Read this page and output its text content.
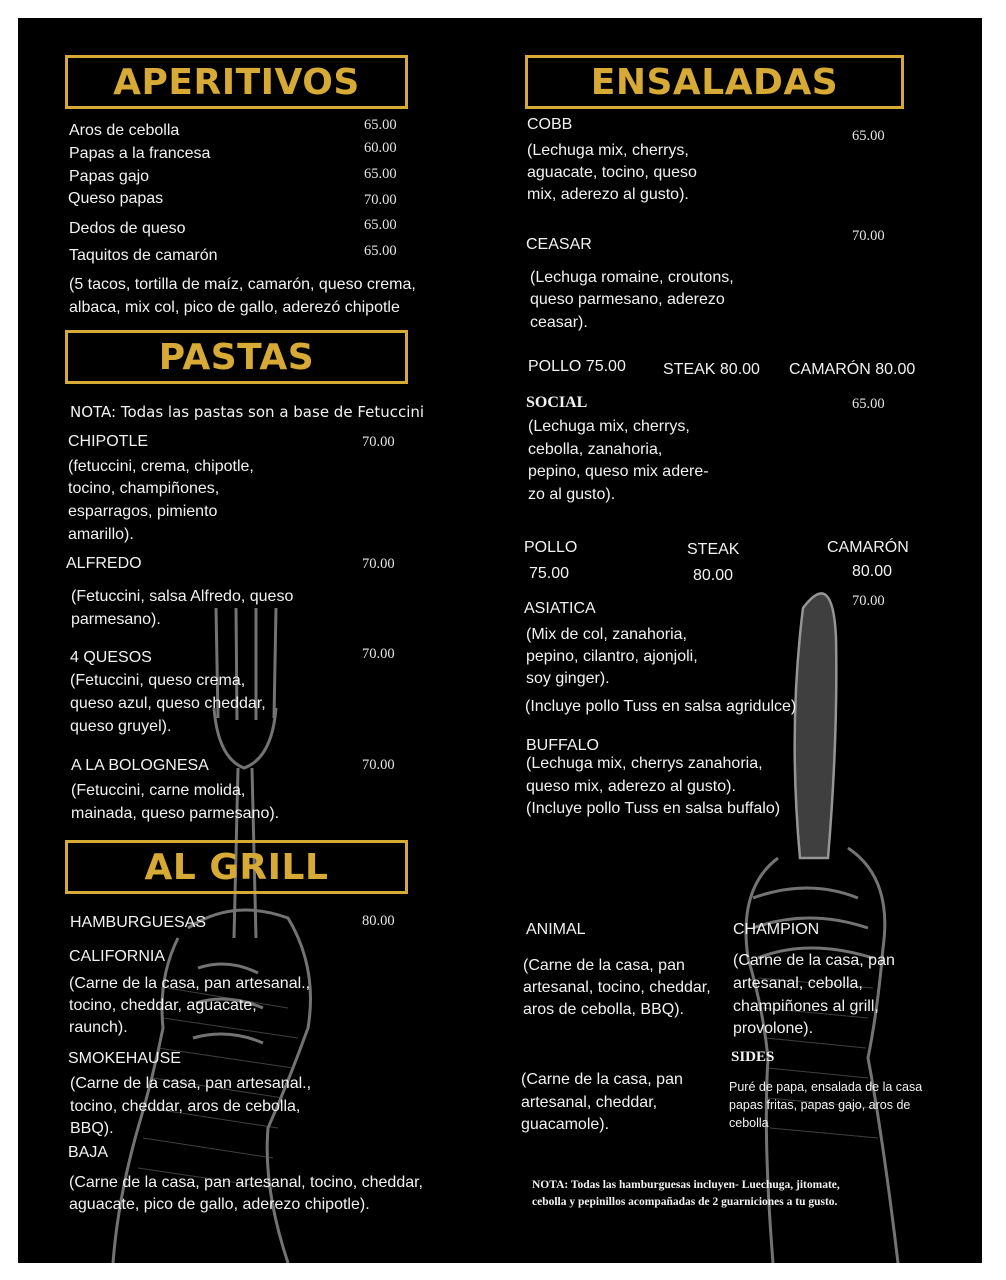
APERITIVOS
Aros de cebolla	65.00
Papas a la francesa	60.00
Papas gajo	65.00
Queso papas	70.00
Dedos de queso	65.00
Taquitos de camarón	65.00
(5 tacos, tortilla de maíz, camarón, queso crema,
albaca, mix col, pico de gallo, aderezó chipotle
PASTAS
NOTA: Todas las pastas son a base de Fetuccini
CHIPOTLE	70.00
(fetuccini, crema, chipotle,
tocino, champiñones,
esparragos, pimiento
amarillo).
ALFREDO	70.00
(Fetuccini, salsa Alfredo, queso
parmesano).
4 QUESOS	70.00
(Fetuccini, queso crema,
queso azul, queso cheddar,
queso gruyel).
A LA BOLOGNESA	70.00
(Fetuccini, carne molida,
mainada, queso parmesano).
AL GRILL
HAMBURGUESAS	80.00
CALIFORNIA
(Carne de la casa, pan artesanal.,
tocino, cheddar, aguacate,
raunch).
SMOKEHAUSE
(Carne de la casa, pan artesanal.,
tocino, cheddar, aros de cebolla,
BBQ).
BAJA
(Carne de la casa, pan artesanal, tocino, cheddar,
aguacate, pico de gallo, aderezo chipotle).
ENSALADAS
COBB
65.00
(Lechuga mix, cherrys,
aguacate, tocino, queso
mix, aderezo al gusto).
CEASAR	70.00
(Lechuga romaine, croutons,
queso parmesano, aderezo
ceasar).
POLLO 75.00 STEAK 80.00 CAMARÓN 80.00
SOCIAL	65.00
(Lechuga mix, cherrys,
cebolla, zanahoria,
pepino, queso mix adere-
zo al gusto).
POLLO
75.00
STEAK
80.00
CAMARÓN
80.00
ASIATICA	70.00
(Mix de col, zanahoria,
pepino, cilantro, ajonjoli,
soy ginger).
(Incluye pollo Tuss en salsa agridulce)
BUFFALO
(Lechuga mix, cherrys zanahoria,
queso mix, aderezo al gusto).
(Incluye pollo Tuss en salsa buffalo)
ANIMAL
(Carne de la casa, pan
artesanal, tocino, cheddar,
aros de cebolla, BBQ).
CHAMPION
(Carne de la casa, pan
artesanal, cebolla,
champiñones al grill,
provolone).
(Carne de la casa, pan
artesanal, cheddar,
guacamole).
SIDES
Puré de papa, ensalada de la casa
papas fritas, papas gajo, aros de
cebolla
NOTA: Todas las hamburguesas incluyen- Luechuga, jitomate,
cebolla y pepinillos acompañadas de 2 guarniciones a tu gusto.
